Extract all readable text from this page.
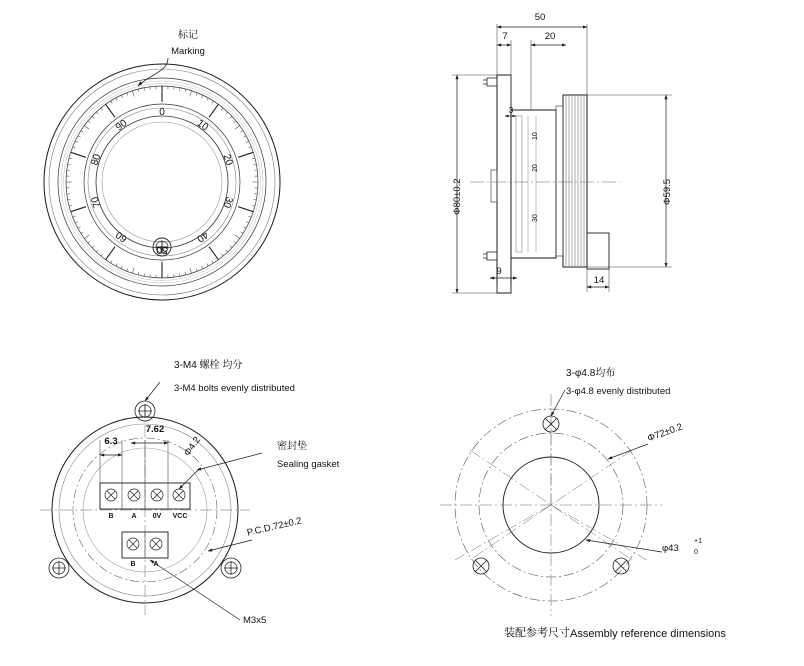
标记
Marking
0
10
20
30
40
50
60
70
80
90
50
7	20
3
9
14
Φ80±0.2	Φ59.5
10
20
30
3-M4 螺栓 均分
3-M4 bolts evenly distributed
密封垫
Sealing gasket
6.3
7.62
Φ4.2
P.C.D.72±0.2
M3x5
B	A	0V	VCC
B	A
3-φ4.8均布
3-φ4.8 evenly distributed
Φ72±0.2
φ43
+1
0
装配参考尺寸 Assembly reference dimensions
